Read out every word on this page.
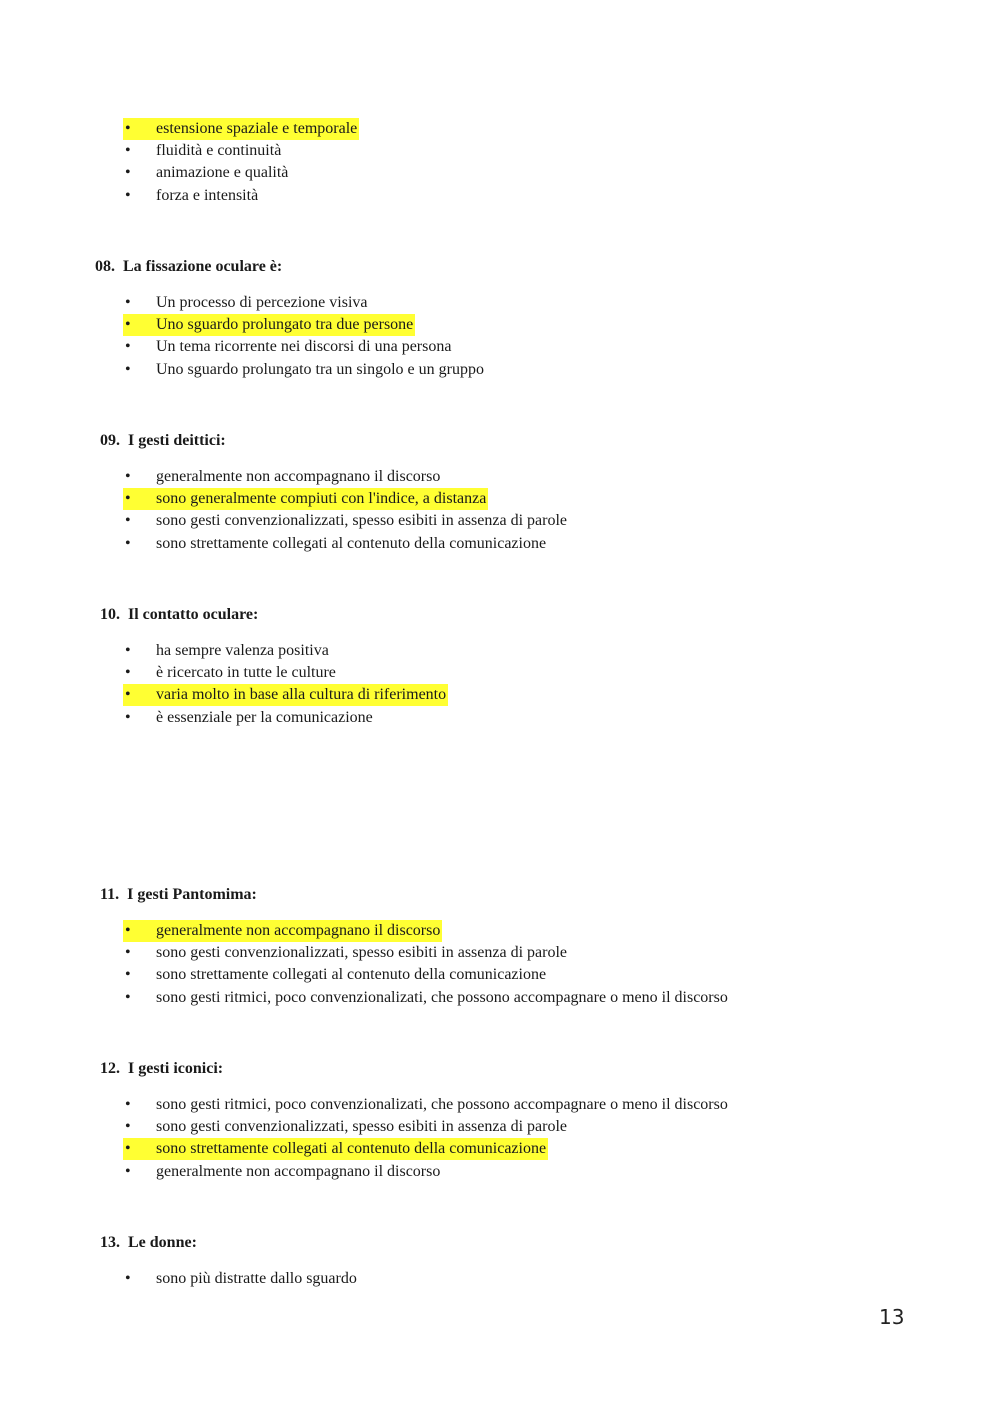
• estensione spaziale e temporale
• fluidità e continuità
• animazione e qualità
• forza e intensità
08. La fissazione oculare è:
• Un processo di percezione visiva
• Uno sguardo prolungato tra due persone
• Un tema ricorrente nei discorsi di una persona
• Uno sguardo prolungato tra un singolo e un gruppo
09. I gesti deittici:
• generalmente non accompagnano il discorso
• sono generalmente compiuti con l'indice, a distanza
• sono gesti convenzionalizzati, spesso esibiti in assenza di parole
• sono strettamente collegati al contenuto della comunicazione
10. Il contatto oculare:
• ha sempre valenza positiva
• è ricercato in tutte le culture
• varia molto in base alla cultura di riferimento
• è essenziale per la comunicazione
11. I gesti Pantomima:
• generalmente non accompagnano il discorso
• sono gesti convenzionalizzati, spesso esibiti in assenza di parole
• sono strettamente collegati al contenuto della comunicazione
• sono gesti ritmici, poco convenzionalizati, che possono accompagnare o meno il discorso
12. I gesti iconici:
• sono gesti ritmici, poco convenzionalizati, che possono accompagnare o meno il discorso
• sono gesti convenzionalizzati, spesso esibiti in assenza di parole
• sono strettamente collegati al contenuto della comunicazione
• generalmente non accompagnano il discorso
13. Le donne:
• sono più distratte dallo sguardo
13
